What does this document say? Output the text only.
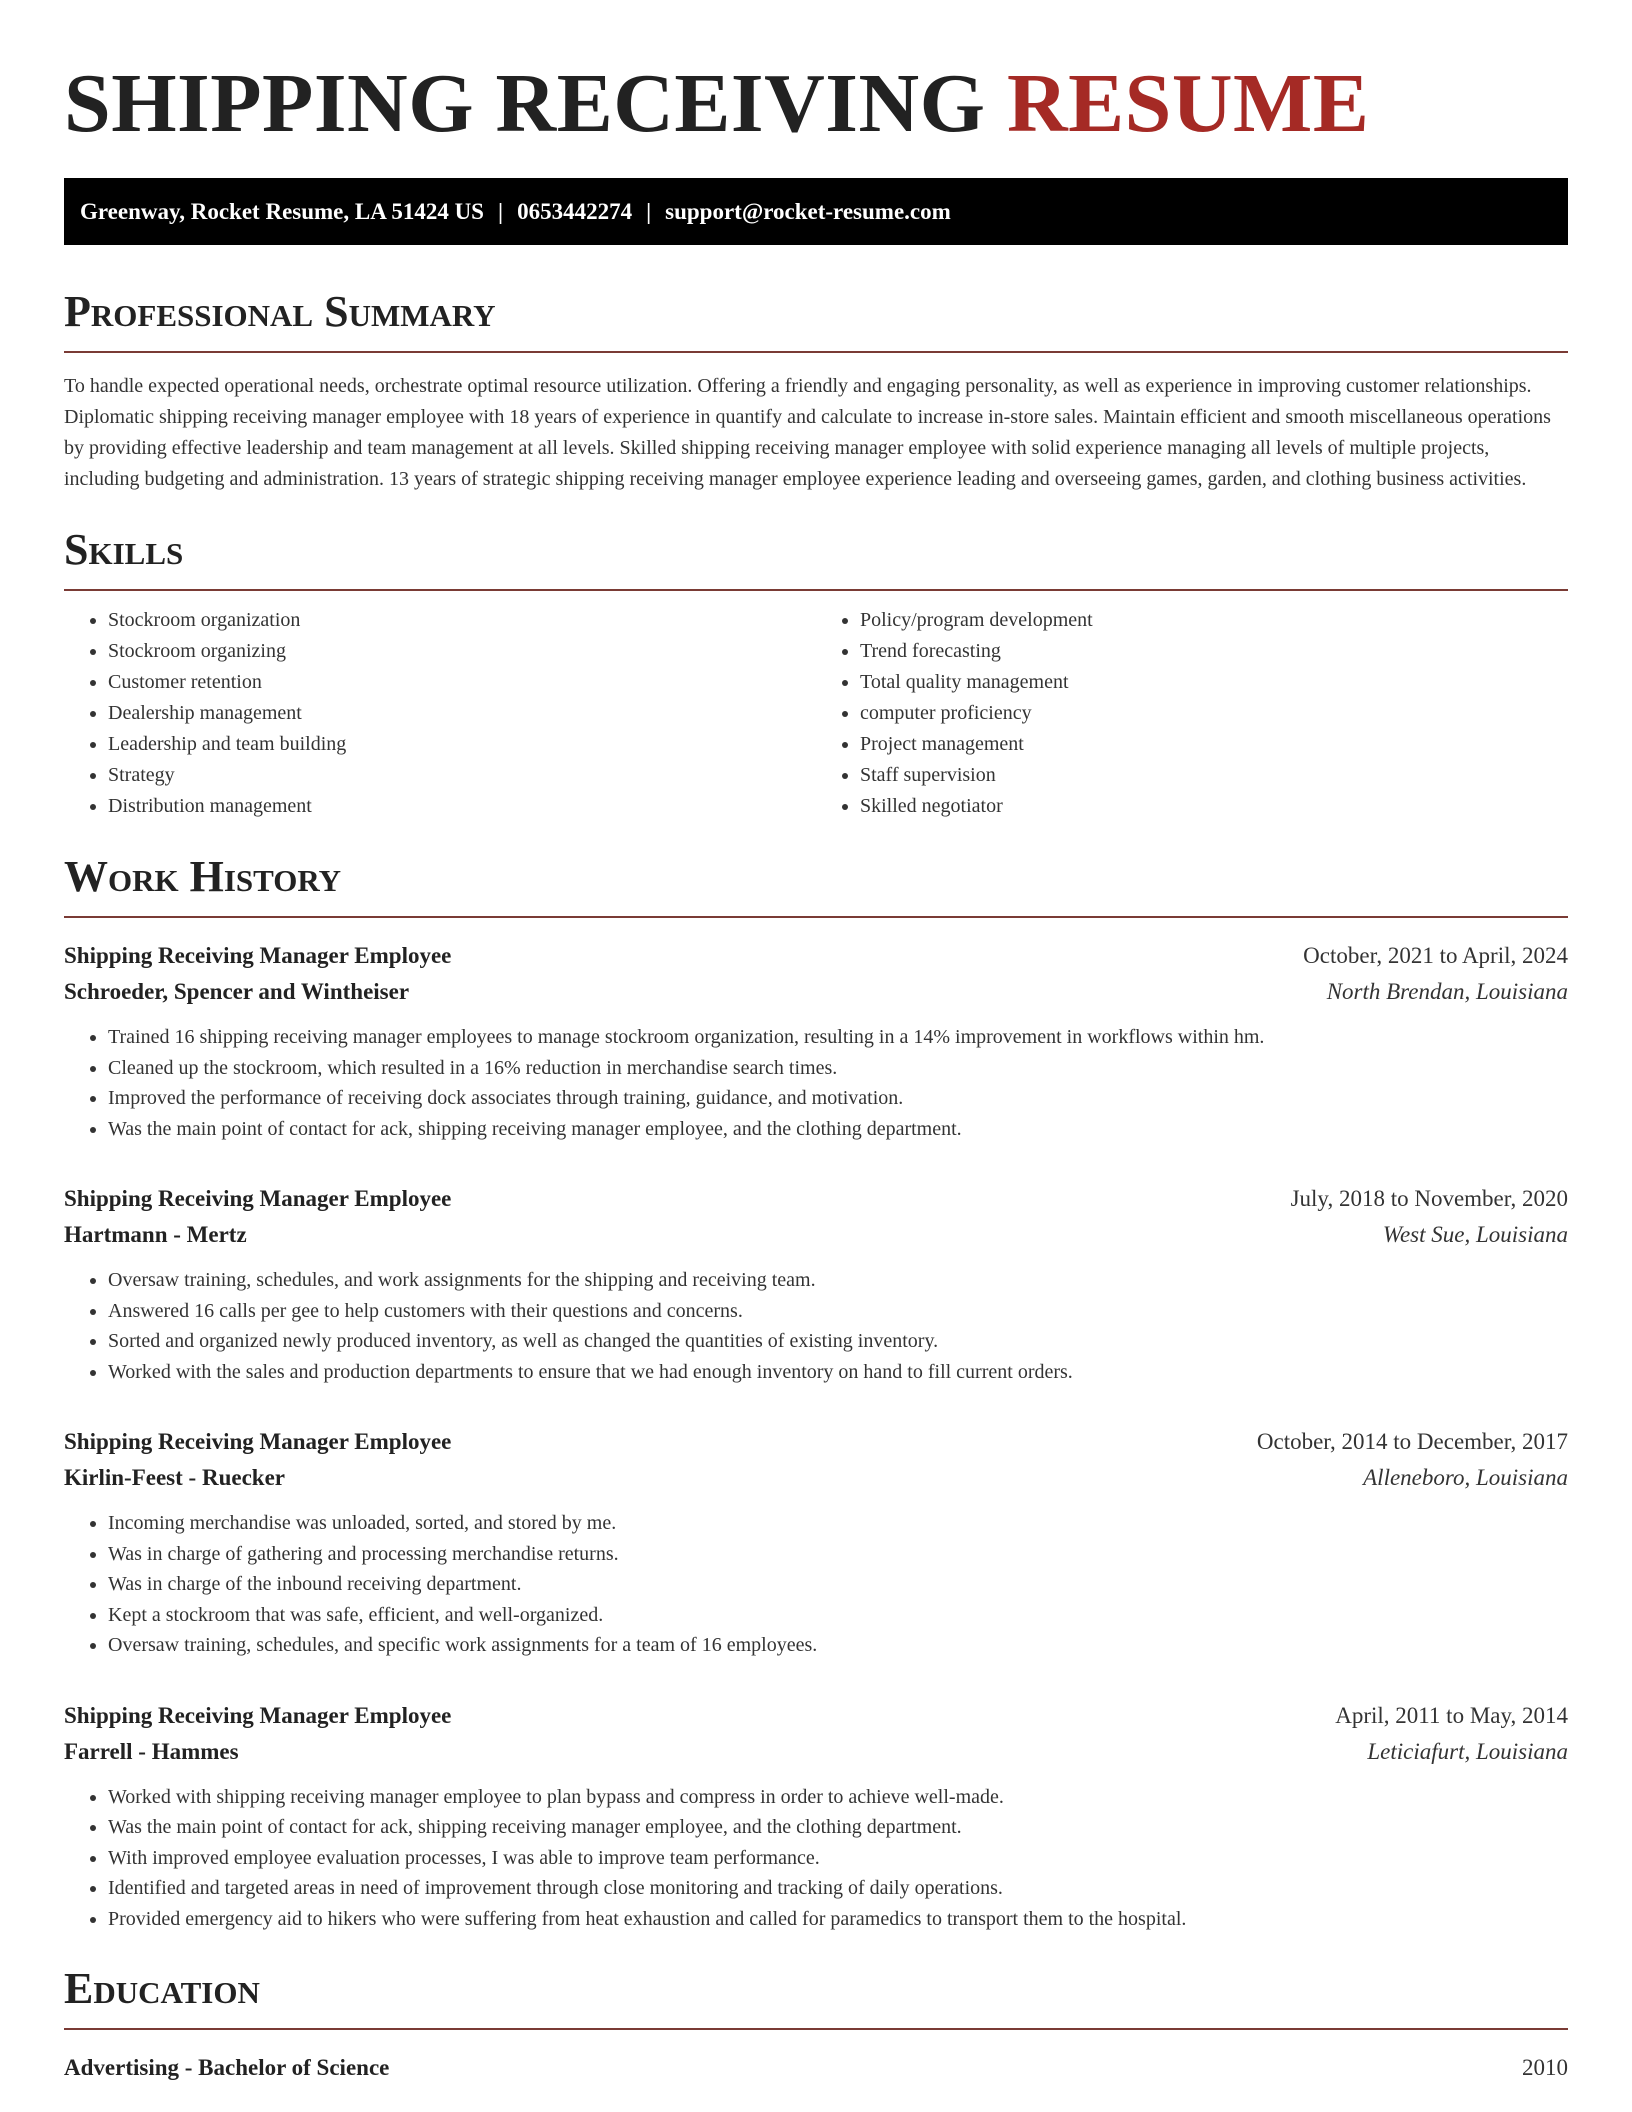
SHIPPING RECEIVING RESUME
Greenway, Rocket Resume, LA 51424 US | 0653442274 | support@rocket-resume.com
Professional Summary

To handle expected operational needs, orchestrate optimal resource utilization. Offering a friendly and engaging personality, as well as experience in improving customer relationships. Diplomatic shipping receiving manager employee with 18 years of experience in quantify and calculate to increase in-store sales. Maintain efficient and smooth miscellaneous operations by providing effective leadership and team management at all levels. Skilled shipping receiving manager employee with solid experience managing all levels of multiple projects, including budgeting and administration. 13 years of strategic shipping receiving manager employee experience leading and overseeing games, garden, and clothing business activities.

Skills
• Stockroom organization
• Stockroom organizing
• Customer retention
• Dealership management
• Leadership and team building
• Strategy
• Distribution management
• Policy/program development
• Trend forecasting
• Total quality management
• computer proficiency
• Project management
• Staff supervision
• Skilled negotiator
Work History
Shipping Receiving Manager Employee	October, 2021 to April, 2024
Schroeder, Spencer and Wintheiser	North Brendan, Louisiana
• Trained 16 shipping receiving manager employees to manage stockroom organization, resulting in a 14% improvement in workflows within hm.
• Cleaned up the stockroom, which resulted in a 16% reduction in merchandise search times.
• Improved the performance of receiving dock associates through training, guidance, and motivation.
• Was the main point of contact for ack, shipping receiving manager employee, and the clothing department.
Shipping Receiving Manager Employee	July, 2018 to November, 2020
Hartmann - Mertz	West Sue, Louisiana
• Oversaw training, schedules, and work assignments for the shipping and receiving team.
• Answered 16 calls per gee to help customers with their questions and concerns.
• Sorted and organized newly produced inventory, as well as changed the quantities of existing inventory.
• Worked with the sales and production departments to ensure that we had enough inventory on hand to fill current orders.
Shipping Receiving Manager Employee	October, 2014 to December, 2017
Kirlin-Feest - Ruecker	Alleneboro, Louisiana
• Incoming merchandise was unloaded, sorted, and stored by me.
• Was in charge of gathering and processing merchandise returns.
• Was in charge of the inbound receiving department.
• Kept a stockroom that was safe, efficient, and well-organized.
• Oversaw training, schedules, and specific work assignments for a team of 16 employees.
Shipping Receiving Manager Employee	April, 2011 to May, 2014
Farrell - Hammes	Leticiafurt, Louisiana
• Worked with shipping receiving manager employee to plan bypass and compress in order to achieve well-made.
• Was the main point of contact for ack, shipping receiving manager employee, and the clothing department.
• With improved employee evaluation processes, I was able to improve team performance.
• Identified and targeted areas in need of improvement through close monitoring and tracking of daily operations.
• Provided emergency aid to hikers who were suffering from heat exhaustion and called for paramedics to transport them to the hospital.
Education
Advertising - Bachelor of Science	2010
